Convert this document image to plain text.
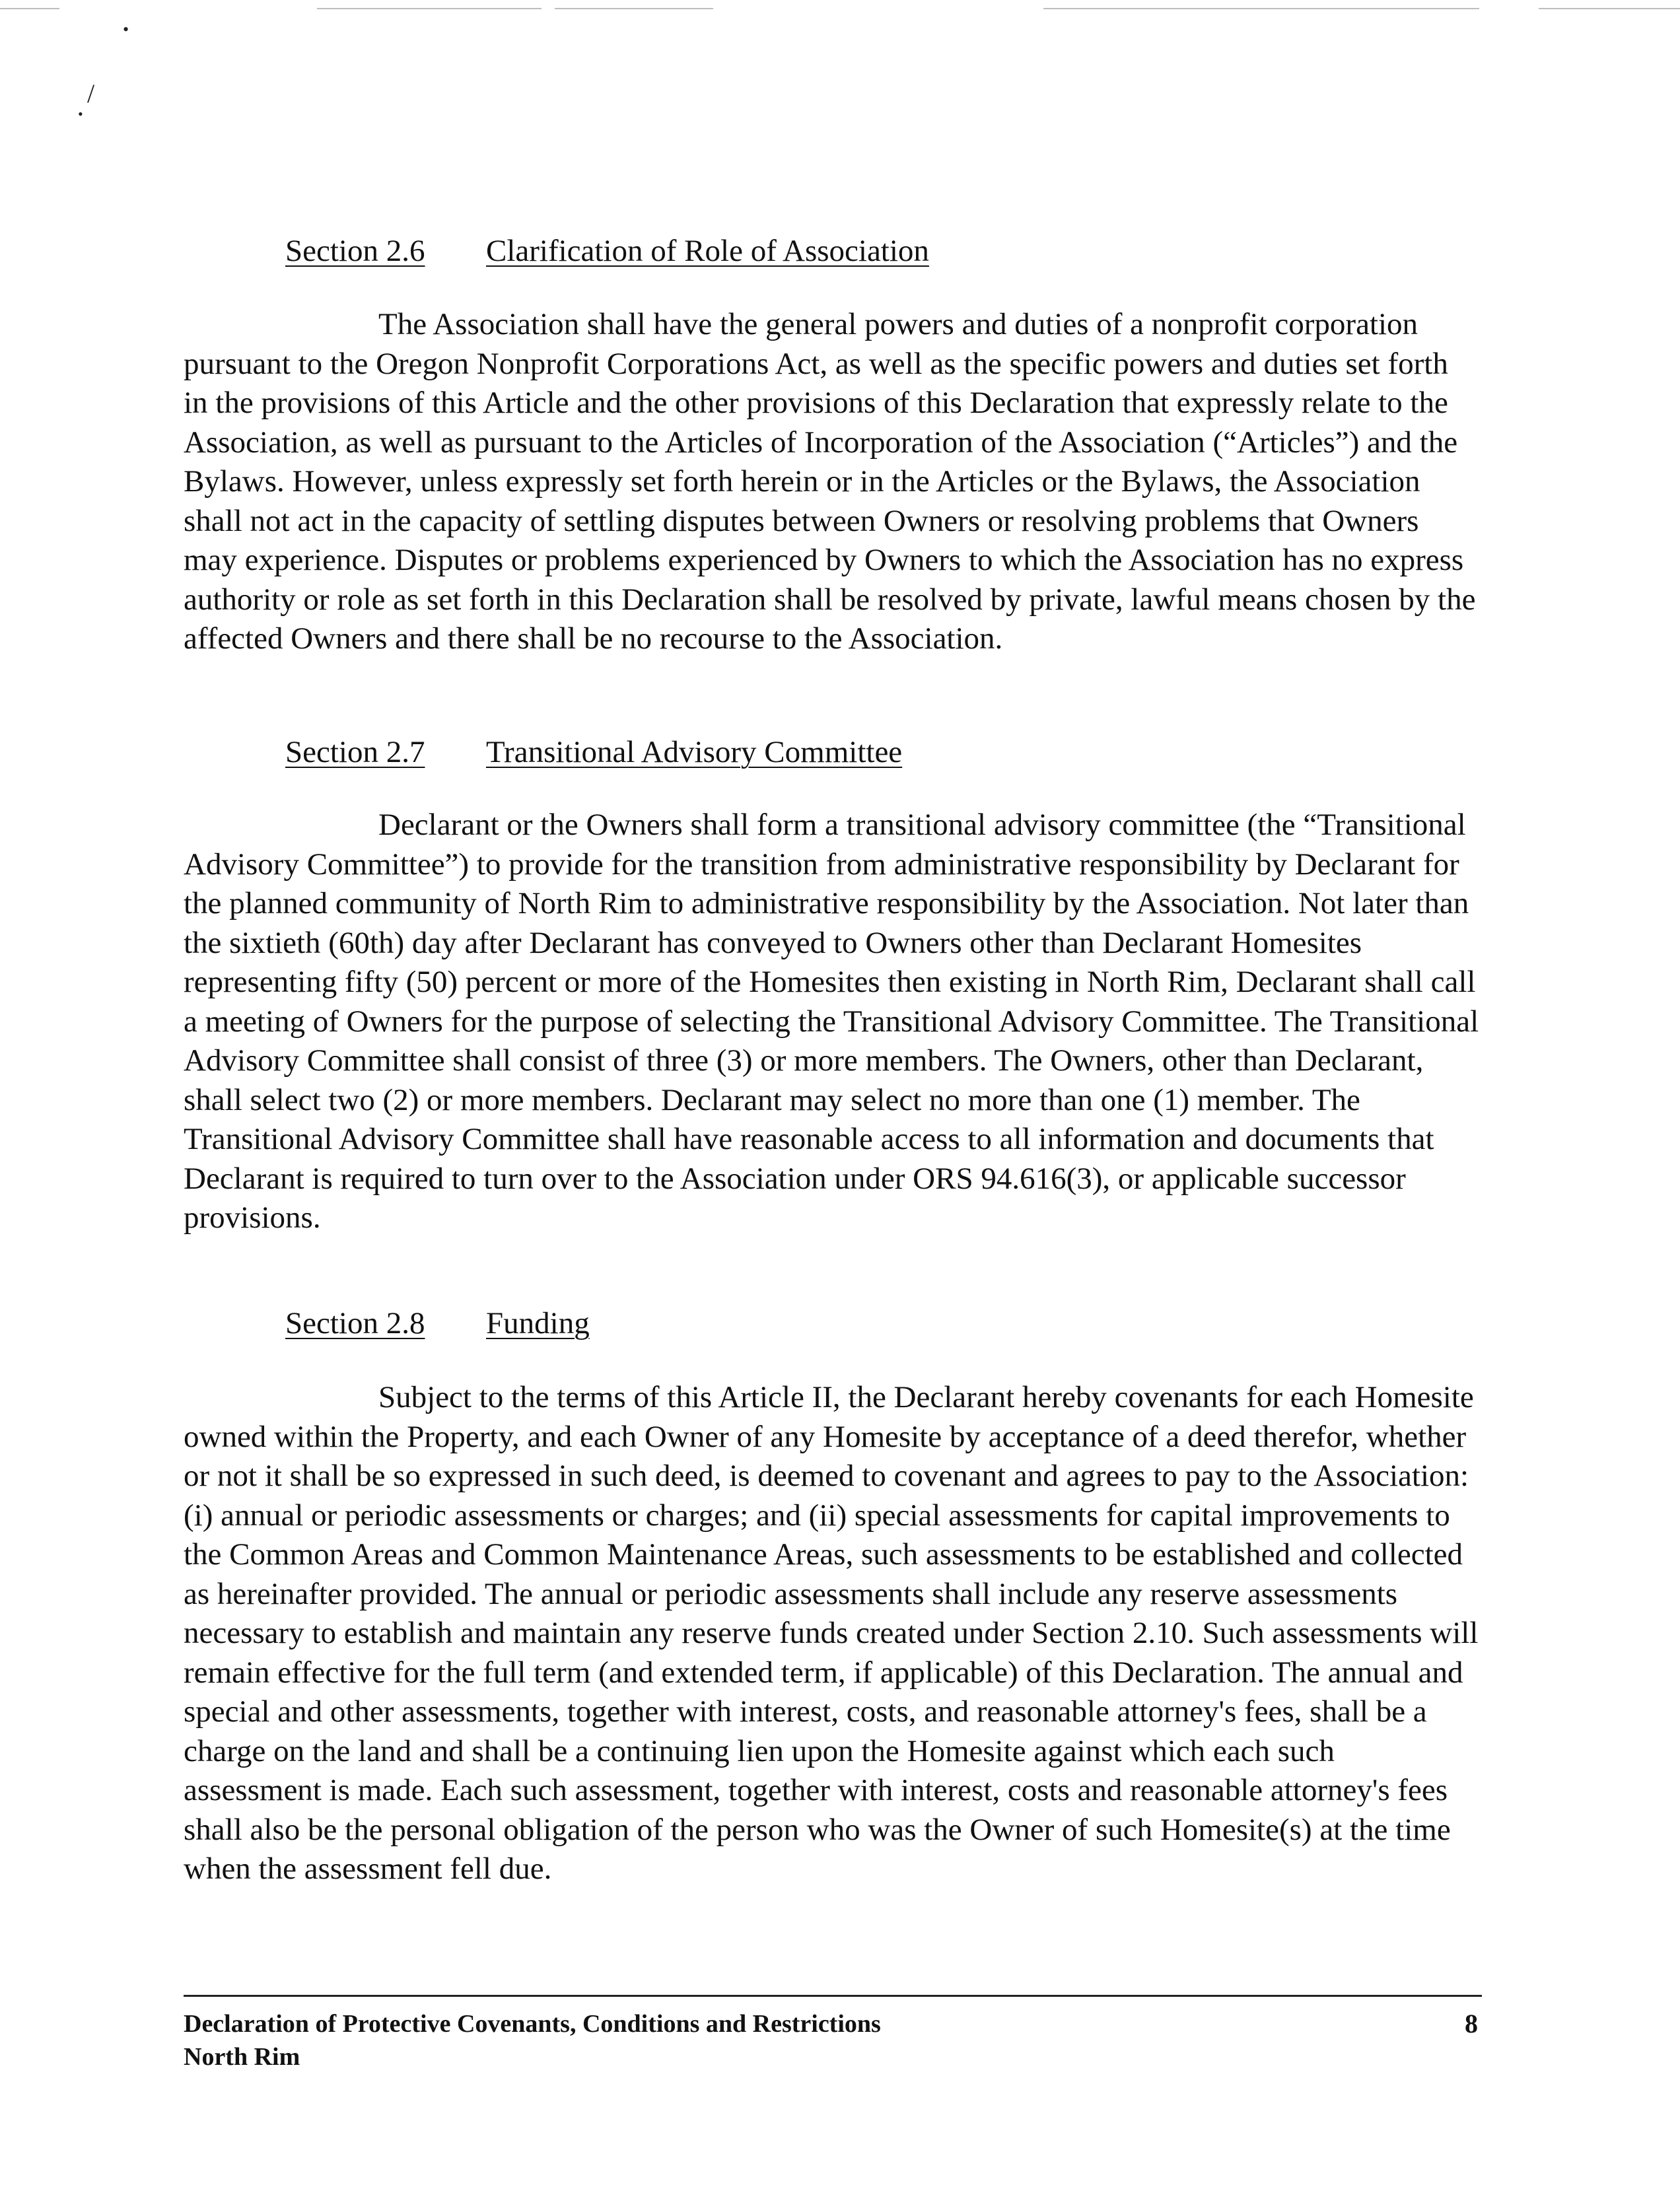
•
/
•
Section 2.6 Clarification of Role of Association

The Association shall have the general powers and duties of a nonprofit corporation pursuant to the Oregon Nonprofit Corporations Act, as well as the specific powers and duties set forth in the provisions of this Article and the other provisions of this Declaration that expressly relate to the Association, as well as pursuant to the Articles of Incorporation of the Association (“Articles”) and the Bylaws. However, unless expressly set forth herein or in the Articles or the Bylaws, the Association shall not act in the capacity of settling disputes between Owners or resolving problems that Owners may experience. Disputes or problems experienced by Owners to which the Association has no express authority or role as set forth in this Declaration shall be resolved by private, lawful means chosen by the affected Owners and there shall be no recourse to the Association.

Section 2.7 Transitional Advisory Committee

Declarant or the Owners shall form a transitional advisory committee (the “Transitional Advisory Committee”) to provide for the transition from administrative responsibility by Declarant for the planned community of North Rim to administrative responsibility by the Association. Not later than the sixtieth (60th) day after Declarant has conveyed to Owners other than Declarant Homesites representing fifty (50) percent or more of the Homesites then existing in North Rim, Declarant shall call a meeting of Owners for the purpose of selecting the Transitional Advisory Committee. The Transitional Advisory Committee shall consist of three (3) or more members. The Owners, other than Declarant, shall select two (2) or more members. Declarant may select no more than one (1) member. The Transitional Advisory Committee shall have reasonable access to all information and documents that Declarant is required to turn over to the Association under ORS 94.616(3), or applicable successor provisions.

Section 2.8 Funding

Subject to the terms of this Article II, the Declarant hereby covenants for each Homesite owned within the Property, and each Owner of any Homesite by acceptance of a deed therefor, whether or not it shall be so expressed in such deed, is deemed to covenant and agrees to pay to the Association: (i) annual or periodic assessments or charges; and (ii) special assessments for capital improvements to the Common Areas and Common Maintenance Areas, such assessments to be established and collected as hereinafter provided. The annual or periodic assessments shall include any reserve assessments necessary to establish and maintain any reserve funds created under Section 2.10. Such assessments will remain effective for the full term (and extended term, if applicable) of this Declaration. The annual and special and other assessments, together with interest, costs, and reasonable attorney's fees, shall be a charge on the land and shall be a continuing lien upon the Homesite against which each such assessment is made. Each such assessment, together with interest, costs and reasonable attorney's fees shall also be the personal obligation of the person who was the Owner of such Homesite(s) at the time when the assessment fell due.

Declaration of Protective Covenants, Conditions and Restrictions
North Rim
8
